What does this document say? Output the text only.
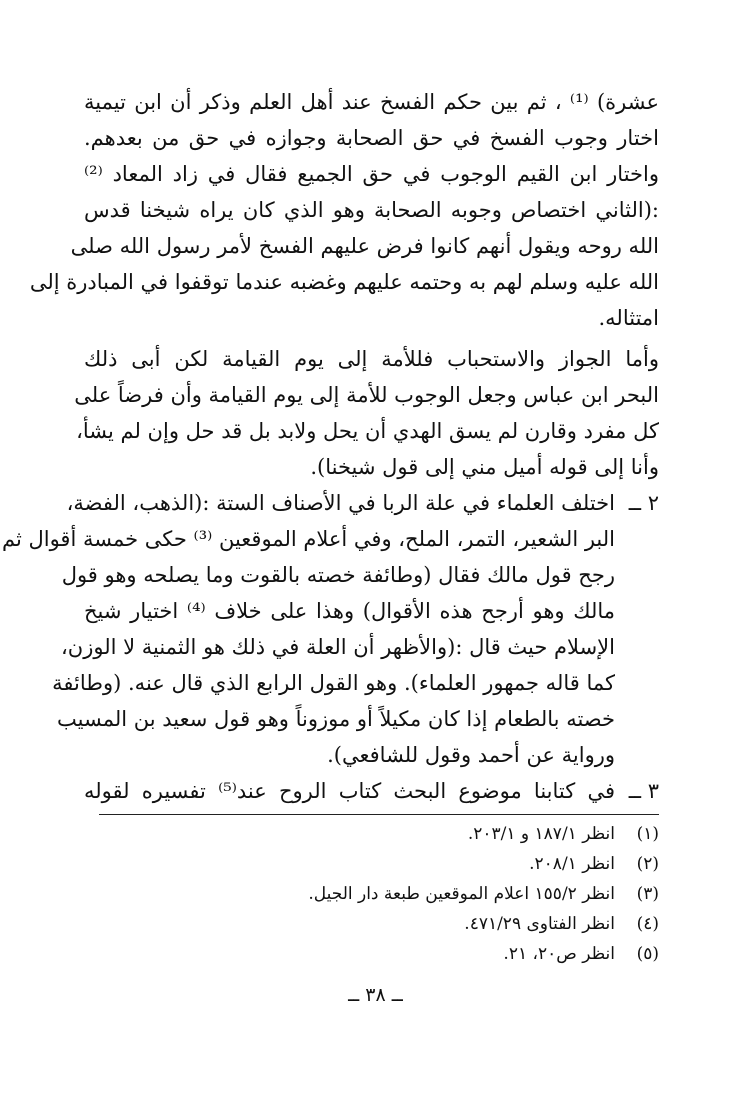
عشرة) ⁽¹⁾ ، ثم بين حكم الفسخ عند أهل العلم وذكر أن ابن تيمية
اختار وجوب الفسخ في حق الصحابة وجوازه في حق من بعدهم.
واختار ابن القيم الوجوب في حق الجميع فقال في زاد المعاد ⁽²⁾
:(الثاني اختصاص وجوبه الصحابة وهو الذي كان يراه شيخنا قدس
الله روحه ويقول أنهم كانوا فرض عليهم الفسخ لأمر رسول الله صلى
الله عليه وسلم لهم به وحتمه عليهم وغضبه عندما توقفوا في المبادرة إلى
امتثاله.
وأما الجواز والاستحباب فللأمة إلى يوم القيامة لكن أبى ذلك
البحر ابن عباس وجعل الوجوب للأمة إلى يوم القيامة وأن فرضاً على
كل مفرد وقارن لم يسق الهدي أن يحل ولابد بل قد حل وإن لم يشأ،
وأنا إلى قوله أميل مني إلى قول شيخنا).
٢ ــ
اختلف العلماء في علة الربا في الأصناف الستة :(الذهب، الفضة،
البر الشعير، التمر، الملح، وفي أعلام الموقعين ⁽³⁾ حكى خمسة أقوال ثم
رجح قول مالك فقال (وطائفة خصته بالقوت وما يصلحه وهو قول
مالك وهو أرجح هذه الأقوال) وهذا على خلاف ⁽⁴⁾ اختيار شيخ
الإسلام حيث قال :(والأظهر أن العلة في ذلك هو الثمنية لا الوزن،
كما قاله جمهور العلماء). وهو القول الرابع الذي قال عنه. (وطائفة
خصته بالطعام إذا كان مكيلاً أو موزوناً وهو قول سعيد بن المسيب
ورواية عن أحمد وقول للشافعي).
٣ ــ
في كتابنا موضوع البحث كتاب الروح عند⁽⁵⁾ تفسيره لقوله
(١)انظر ١٨٧/١ و ٢٠٣/١.
(٢)انظر ٢٠٨/١.
(٣)انظر ١٥٥/٢ اعلام الموقعين طبعة دار الجيل.
(٤)انظر الفتاوى ٤٧١/٢٩.
(٥)انظر ص٢٠، ٢١.
ــ ٣٨ ــ
